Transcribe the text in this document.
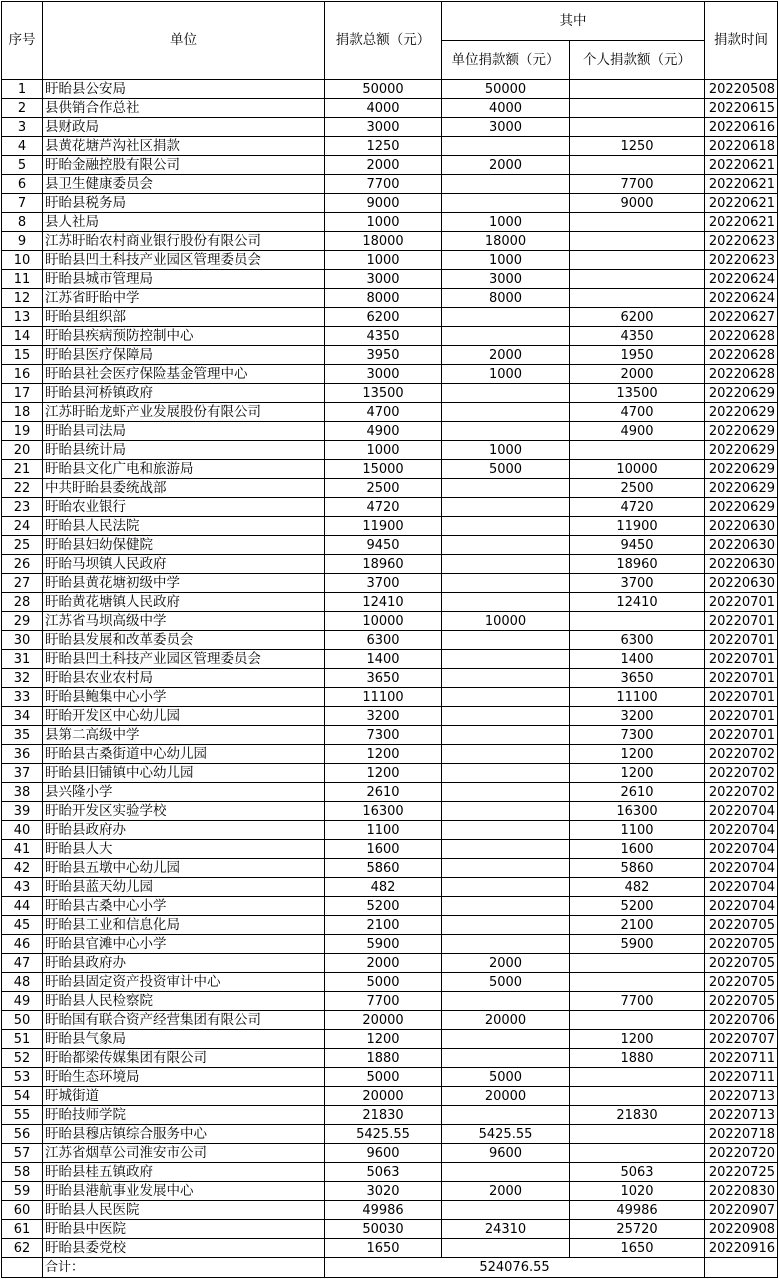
序号	单位	捐款总额（元）	其中		捐款时间
			单位捐款额（元）	个人捐款额（元）	
1	盱眙县公安局	50000	50000		20220508
2	县供销合作总社	4000	4000		20220615
3	县财政局	3000	3000		20220616
4	县黄花塘芦沟社区捐款	1250		1250	20220618
5	盱眙金融控股有限公司	2000	2000		20220621
6	县卫生健康委员会	7700		7700	20220621
7	盱眙县税务局	9000		9000	20220621
8	县人社局	1000	1000		20220621
9	江苏盱眙农村商业银行股份有限公司	18000	18000		20220623
10	盱眙县凹土科技产业园区管理委员会	1000	1000		20220623
11	盱眙县城市管理局	3000	3000		20220624
12	江苏省盱眙中学	8000	8000		20220624
13	盱眙县组织部	6200		6200	20220627
14	盱眙县疾病预防控制中心	4350		4350	20220628
15	盱眙县医疗保障局	3950	2000	1950	20220628
16	盱眙县社会医疗保险基金管理中心	3000	1000	2000	20220628
17	盱眙县河桥镇政府	13500		13500	20220629
18	江苏盱眙龙虾产业发展股份有限公司	4700		4700	20220629
19	盱眙县司法局	4900		4900	20220629
20	盱眙县统计局	1000	1000		20220629
21	盱眙县文化广电和旅游局	15000	5000	10000	20220629
22	中共盱眙县委统战部	2500		2500	20220629
23	盱眙农业银行	4720		4720	20220629
24	盱眙县人民法院	11900		11900	20220630
25	盱眙县妇幼保健院	9450		9450	20220630
26	盱眙马坝镇人民政府	18960		18960	20220630
27	盱眙县黄花塘初级中学	3700		3700	20220630
28	盱眙黄花塘镇人民政府	12410		12410	20220701
29	江苏省马坝高级中学	10000	10000		20220701
30	盱眙县发展和改革委员会	6300		6300	20220701
31	盱眙县凹土科技产业园区管理委员会	1400		1400	20220701
32	盱眙县农业农村局	3650		3650	20220701
33	盱眙县鲍集中心小学	11100		11100	20220701
34	盱眙开发区中心幼儿园	3200		3200	20220701
35	县第二高级中学	7300		7300	20220701
36	盱眙县古桑街道中心幼儿园	1200		1200	20220702
37	盱眙县旧铺镇中心幼儿园	1200		1200	20220702
38	县兴隆小学	2610		2610	20220702
39	盱眙开发区实验学校	16300		16300	20220704
40	盱眙县政府办	1100		1100	20220704
41	盱眙县人大	1600		1600	20220704
42	盱眙县五墩中心幼儿园	5860		5860	20220704
43	盱眙县蓝天幼儿园	482		482	20220704
44	盱眙县古桑中心小学	5200		5200	20220704
45	盱眙县工业和信息化局	2100		2100	20220705
46	盱眙县官滩中心小学	5900		5900	20220705
47	盱眙县政府办	2000	2000		20220705
48	盱眙县固定资产投资审计中心	5000	5000		20220705
49	盱眙县人民检察院	7700		7700	20220705
50	盱眙国有联合资产经营集团有限公司	20000	20000		20220706
51	盱眙县气象局	1200		1200	20220707
52	盱眙都梁传媒集团有限公司	1880		1880	20220711
53	盱眙生态环境局	5000	5000		20220711
54	盱城街道	20000	20000		20220713
55	盱眙技师学院	21830		21830	20220713
56	盱眙县穆店镇综合服务中心	5425.55	5425.55		20220718
57	江苏省烟草公司淮安市公司	9600	9600		20220720
58	盱眙县桂五镇政府	5063		5063	20220725
59	盱眙县港航事业发展中心	3020	2000	1020	20220830
60	盱眙县人民医院	49986		49986	20220907
61	盱眙县中医院	50030	24310	25720	20220908
62	盱眙县委党校	1650		1650	20220916
	合计：	524076.55			
